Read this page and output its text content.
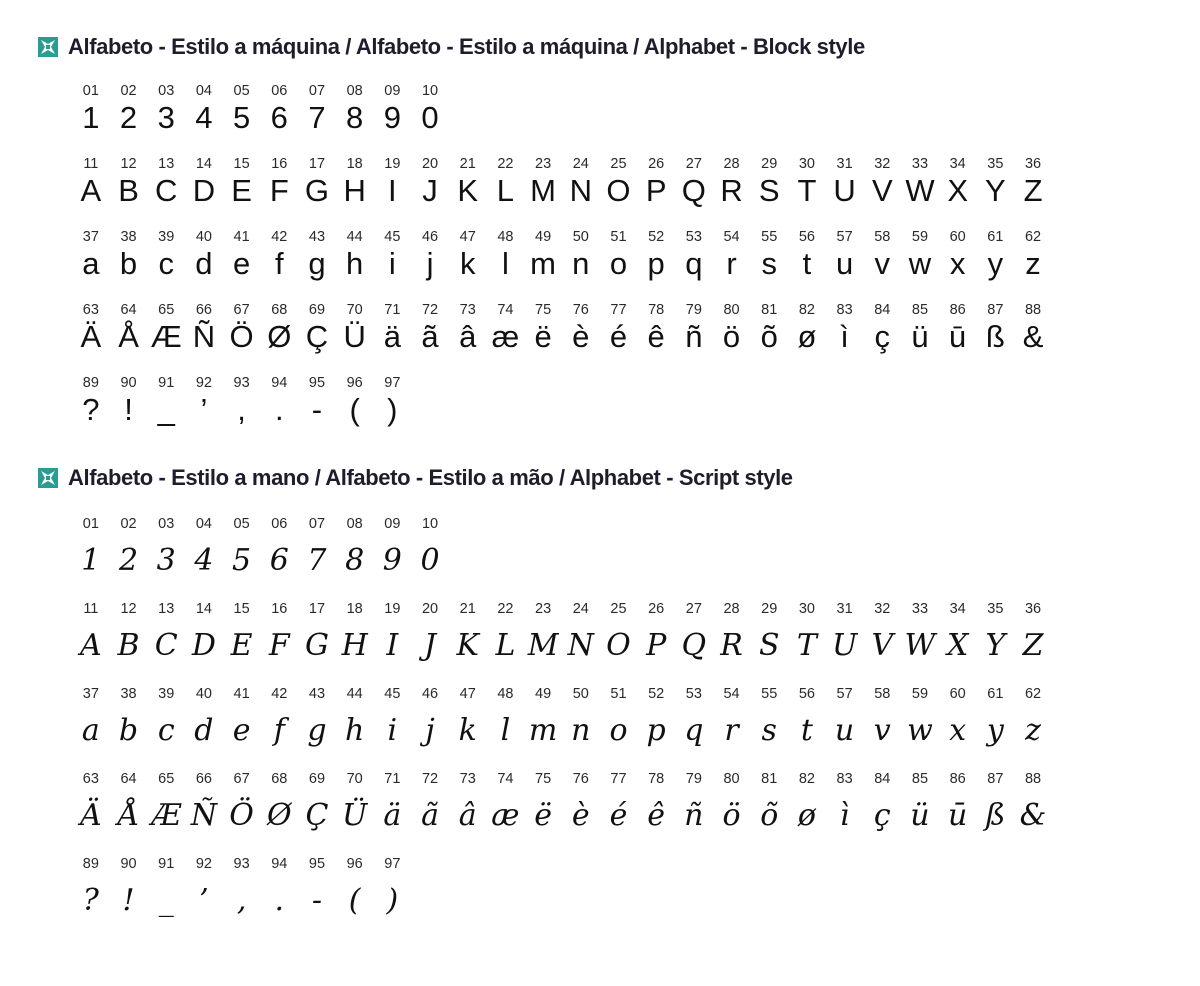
Alfabeto - Estilo a máquina / Alfabeto - Estilo a máquina / Alphabet - Block style
01
1
02
2
03
3
04
4
05
5
06
6
07
7
08
8
09
9
10
0
11
A
12
B
13
C
14
D
15
E
16
F
17
G
18
H
19
I
20
J
21
K
22
L
23
M
24
N
25
O
26
P
27
Q
28
R
29
S
30
T
31
U
32
V
33
W
34
X
35
Y
36
Z
37
a
38
b
39
c
40
d
41
e
42
f
43
g
44
h
45
i
46
j
47
k
48
l
49
m
50
n
51
o
52
p
53
q
54
r
55
s
56
t
57
u
58
v
59
w
60
x
61
y
62
z
63
Ä
64
Å
65
Æ
66
Ñ
67
Ö
68
Ø
69
Ç
70
Ü
71
ä
72
ã
73
â
74
æ
75
ë
76
è
77
é
78
ê
79
ñ
80
ö
81
õ
82
ø
83
ì
84
ç
85
ü
86
ū
87
ß
88
&
89
?
90
!
91
_
92
’
93
,
94
.
95
-
96
(
97
)
Alfabeto - Estilo a mano / Alfabeto - Estilo a mão / Alphabet - Script style
01
1
02
2
03
3
04
4
05
5
06
6
07
7
08
8
09
9
10
0
11
A
12
B
13
C
14
D
15
E
16
F
17
G
18
H
19
I
20
J
21
K
22
L
23
M
24
N
25
O
26
P
27
Q
28
R
29
S
30
T
31
U
32
V
33
W
34
X
35
Y
36
Z
37
a
38
b
39
c
40
d
41
e
42
f
43
g
44
h
45
i
46
j
47
k
48
l
49
m
50
n
51
o
52
p
53
q
54
r
55
s
56
t
57
u
58
v
59
w
60
x
61
y
62
z
63
Ä
64
Å
65
Æ
66
Ñ
67
Ö
68
Ø
69
Ç
70
Ü
71
ä
72
ã
73
â
74
æ
75
ë
76
è
77
é
78
ê
79
ñ
80
ö
81
õ
82
ø
83
ì
84
ç
85
ü
86
ū
87
ß
88
&
89
?
90
!
91
_
92
’
93
,
94
.
95
-
96
(
97
)
